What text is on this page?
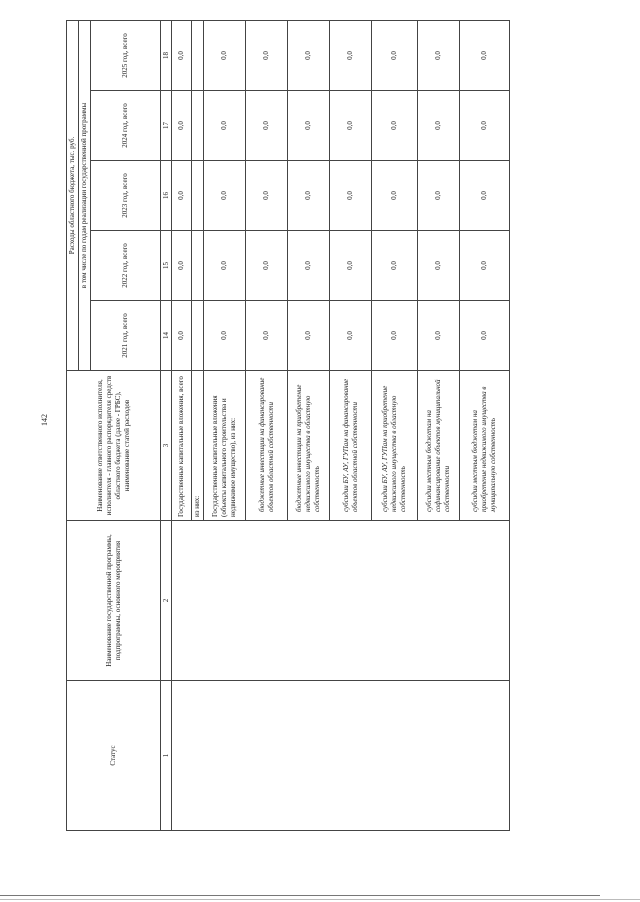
142
Статус	Наименование государственной программы, подпрограммы, основного мероприятия	Наименование ответственного исполнителя, исполнителя - главного распорядителя средств областного бюджета (далее - ГРБС), наименование статей расходов	Расходы областного бюджета, тыс. руб.				
			в том числе по годам реализации государственной программы				
			2021 год, всего	2022 год, всего	2023 год, всего	2024 год, всего	2025 год, всего
1	2	3	14	15	16	17	18
		Государственные капитальные вложения, всего	0,0	0,0	0,0	0,0	0,0
		из них:					
		Государственные капитальные вложения (объекты капитального строительства и недвижимое имущество), из них:	0,0	0,0	0,0	0,0	0,0
		бюджетные инвестиции на финансирование объектов областной собственности	0,0	0,0	0,0	0,0	0,0
		бюджетные инвестиции на приобретение недвижимого имущества в областную собственность	0,0	0,0	0,0	0,0	0,0
		субсидии БУ, АУ, ГУПам на финансирование объектов областной собственности	0,0	0,0	0,0	0,0	0,0
		субсидии БУ, АУ, ГУПам на приобретение недвижимого имущества в областную собственность	0,0	0,0	0,0	0,0	0,0
		субсидии местным бюджетам на софинансирование объектов муниципальной собственности	0,0	0,0	0,0	0,0	0,0
		субсидии местным бюджетам на приобретение недвижимого имущества в муниципальную собственность	0,0	0,0	0,0	0,0	0,0
